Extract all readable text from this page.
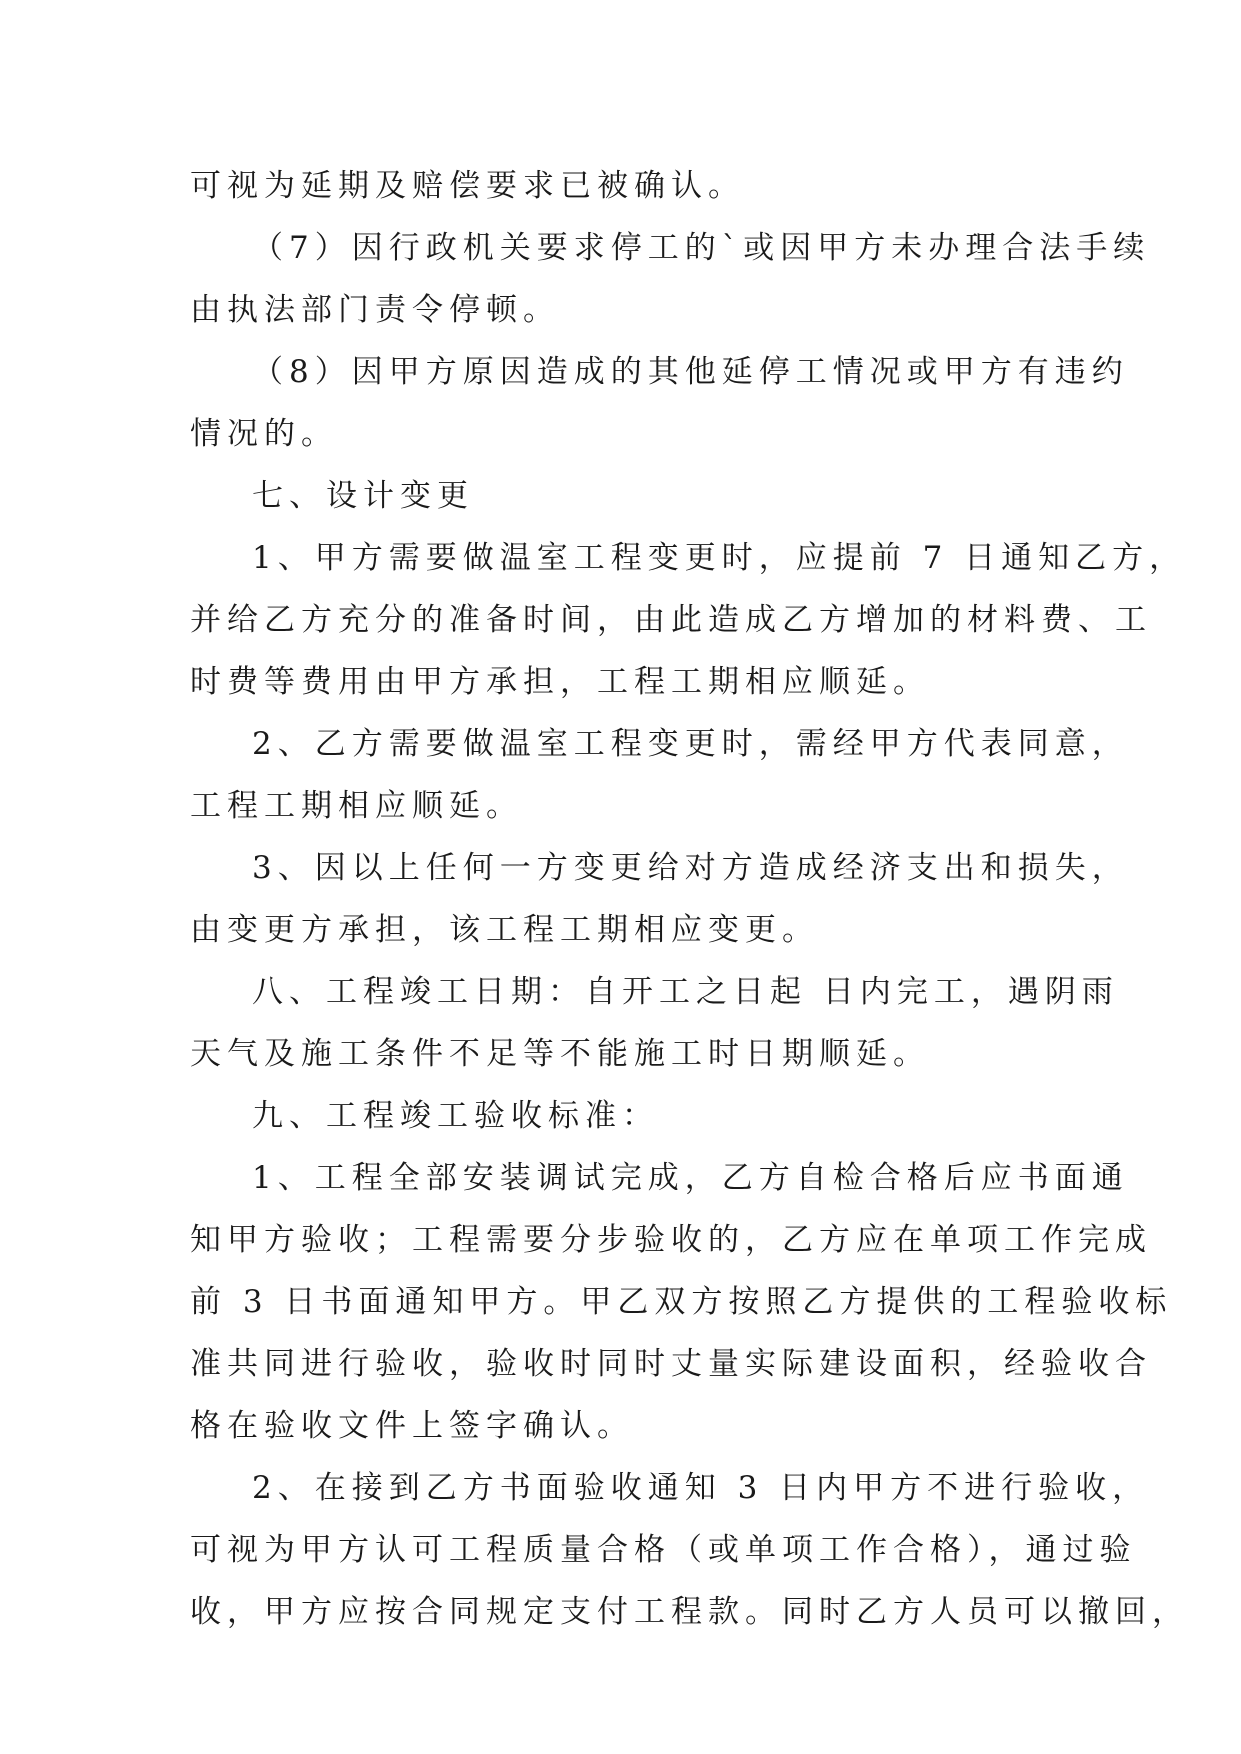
可视为延期及赔偿要求已被确认。
（7）因行政机关要求停工的`或因甲方未办理合法手续
由执法部门责令停顿。
（8）因甲方原因造成的其他延停工情况或甲方有违约
情况的。
七、设计变更
1、甲方需要做温室工程变更时，应提前 7 日通知乙方，
并给乙方充分的准备时间，由此造成乙方增加的材料费、工
时费等费用由甲方承担，工程工期相应顺延。
2、乙方需要做温室工程变更时，需经甲方代表同意，
工程工期相应顺延。
3、因以上任何一方变更给对方造成经济支出和损失，
由变更方承担，该工程工期相应变更。
八、工程竣工日期：自开工之日起 日内完工，遇阴雨
天气及施工条件不足等不能施工时日期顺延。
九、工程竣工验收标准：
1、工程全部安装调试完成，乙方自检合格后应书面通
知甲方验收；工程需要分步验收的，乙方应在单项工作完成
前 3 日书面通知甲方。甲乙双方按照乙方提供的工程验收标
准共同进行验收，验收时同时丈量实际建设面积，经验收合
格在验收文件上签字确认。
2、在接到乙方书面验收通知 3 日内甲方不进行验收，
可视为甲方认可工程质量合格（或单项工作合格），通过验
收，甲方应按合同规定支付工程款。同时乙方人员可以撤回，
